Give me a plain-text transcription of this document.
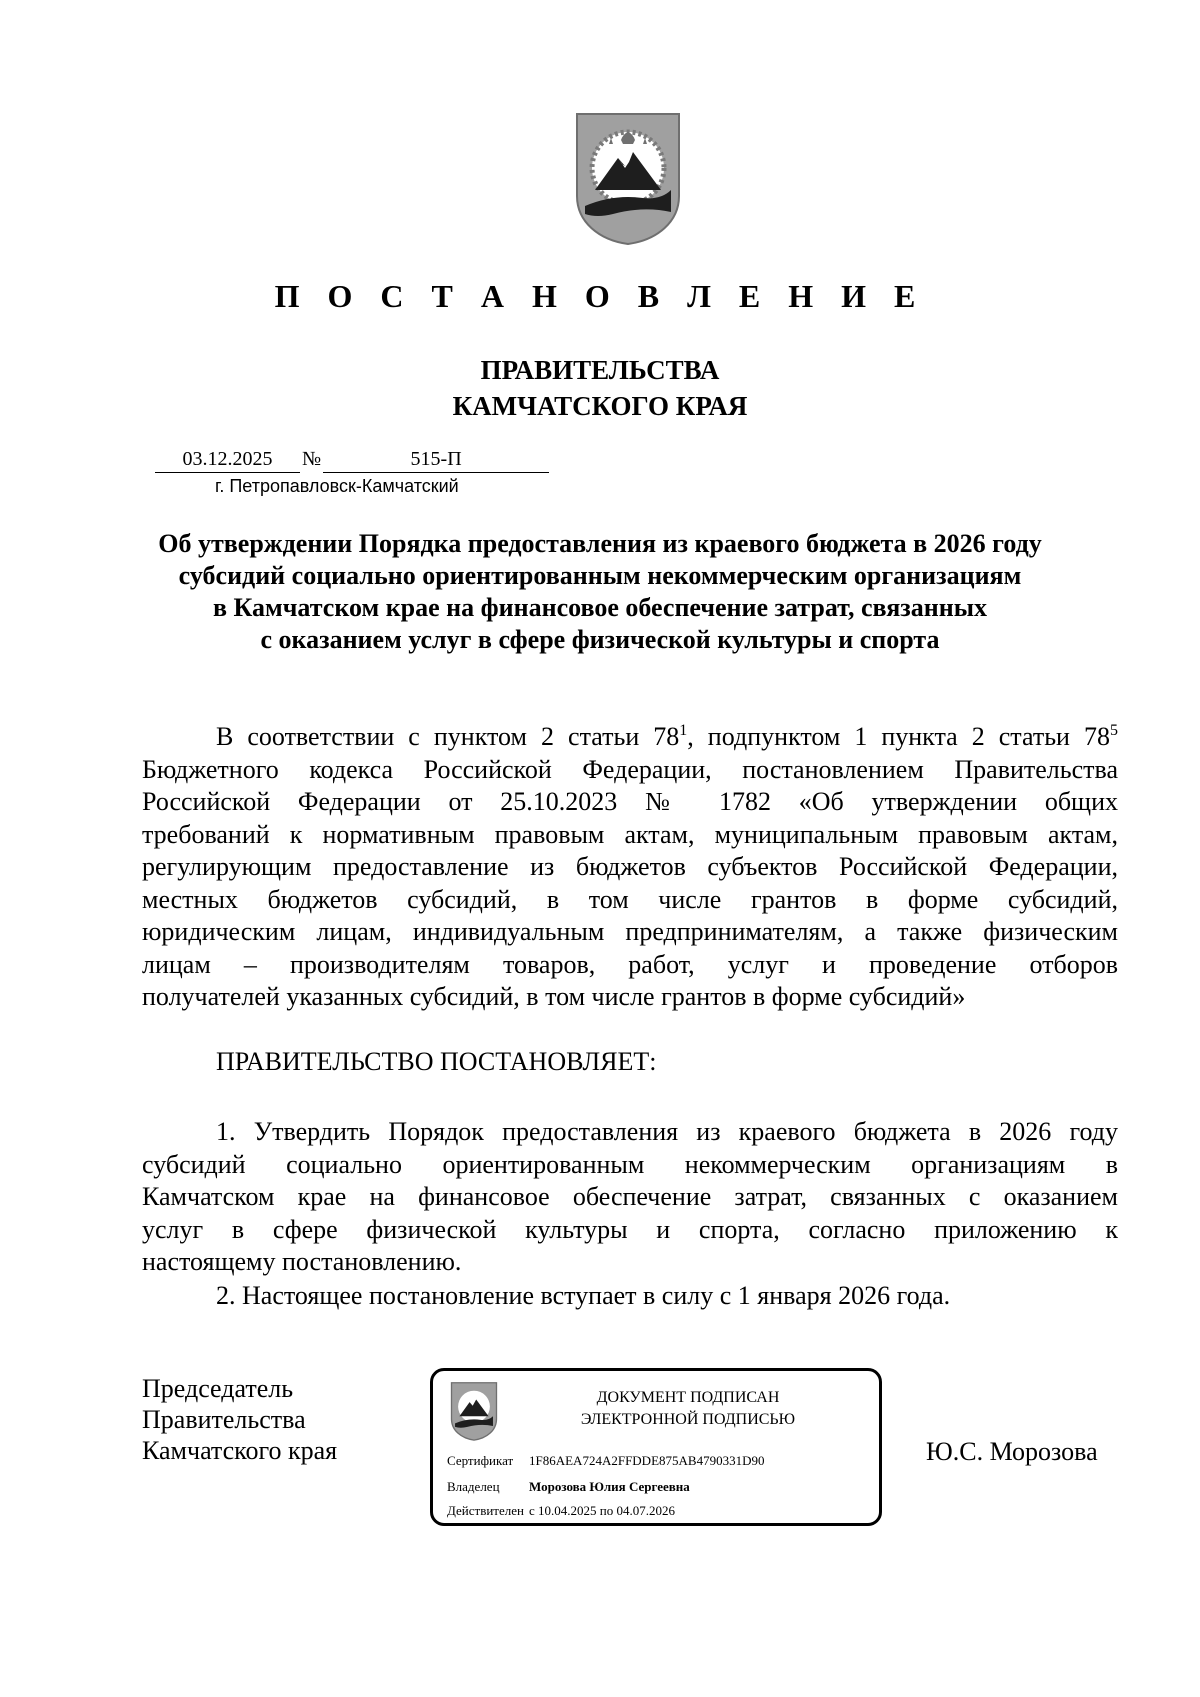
П О С Т А Н О В Л Е Н И Е
ПРАВИТЕЛЬСТВА
КАМЧАТСКОГО КРАЯ
03.12.2025 №	515-П
г. Петропавловск-Камчатский
Об утверждении Порядка предоставления из краевого бюджета в 2026 году
субсидий социально ориентированным некоммерческим организациям
в Камчатском крае на финансовое обеспечение затрат, связанных
с оказанием услуг в сфере физической культуры и спорта
В соответствии с пунктом 2 статьи $78^1$, подпунктом 1 пункта 2 статьи $78^5$
Бюджетного кодекса Российской Федерации, постановлением Правительства
Российской Федерации от 25.10.2023 № 1782 «Об утверждении общих
требований к нормативным правовым актам, муниципальным правовым актам,
регулирующим предоставление из бюджетов субъектов Российской Федерации,
местных бюджетов субсидий, в том числе грантов в форме субсидий,
юридическим лицам, индивидуальным предпринимателям, а также физическим
лицам – производителям товаров, работ, услуг и проведение отборов
получателей указанных субсидий, в том числе грантов в форме субсидий»
ПРАВИТЕЛЬСТВО ПОСТАНОВЛЯЕТ:
1. Утвердить Порядок предоставления из краевого бюджета в 2026 году
субсидий социально ориентированным некоммерческим организациям в
Камчатском крае на финансовое обеспечение затрат, связанных с оказанием
услуг в сфере физической культуры и спорта, согласно приложению к
настоящему постановлению.
2. Настоящее постановление вступает в силу с 1 января 2026 года.
Председатель
Правительства
Камчатского края
ДОКУМЕНТ ПОДПИСАН
ЭЛЕКТРОННОЙ ПОДПИСЬЮ
Сертификат 1F86AEA724A2FFDDE875AB4790331D90
Владелец Морозова Юлия Сергеевна
Действителен с 10.04.2025 по 04.07.2026
Ю.С. Морозова
